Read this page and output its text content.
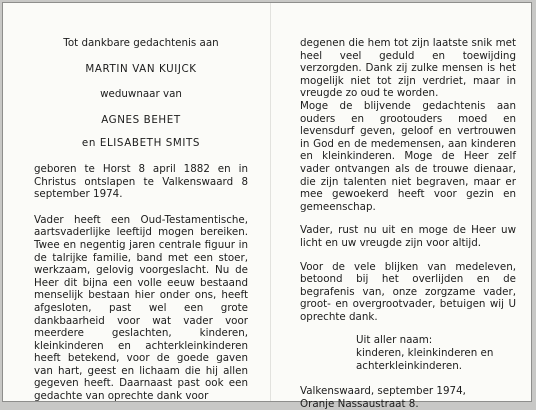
Tot dankbare gedachtenis aan
MARTIN VAN KUIJCK
weduwnaar van
AGNES BEHET
en ELISABETH SMITS
geboren te Horst 8 april 1882 en in Christus ontslapen te Valkenswaard 8 september 1974.
Vader heeft een Oud-Testamentische, aartsvaderlijke leeftijd mogen bereiken. Twee en negentig jaren centrale figuur in de talrijke familie, band met een stoer, werkzaam, gelovig voorgeslacht. Nu de Heer dit bijna een volle eeuw bestaand menselijk bestaan hier onder ons, heeft afgesloten, past wel een grote dankbaarheid voor wat vader voor meerdere geslachten, kinderen, kleinkinderen en achterkleinkinderen heeft betekend, voor de goede gaven van hart, geest en lichaam die hij allen gegeven heeft. Daarnaast past ook een gedachte van oprechte dank voor
degenen die hem tot zijn laatste snik met heel veel geduld en toewijding verzorgden. Dank zij zulke mensen is het mogelijk niet tot zijn verdriet, maar in vreugde zo oud te worden.
Moge de blijvende gedachtenis aan ouders en grootouders moed en levensdurf geven, geloof en vertrouwen in God en de medemensen, aan kinderen en kleinkinderen. Moge de Heer zelf vader ontvangen als de trouwe dienaar, die zijn talenten niet begraven, maar er mee gewoekerd heeft voor gezin en gemeenschap.
Vader, rust nu uit en moge de Heer uw licht en uw vreugde zijn voor altijd.
Voor de vele blijken van medeleven, betoond bij het overlijden en de begrafenis van, onze zorgzame vader, groot- en overgrootvader, betuigen wij U oprechte dank.
Uit aller naam:
kinderen, kleinkinderen en achterkleinkinderen.
Valkenswaard, september 1974,
Oranje Nassaustraat 8.
